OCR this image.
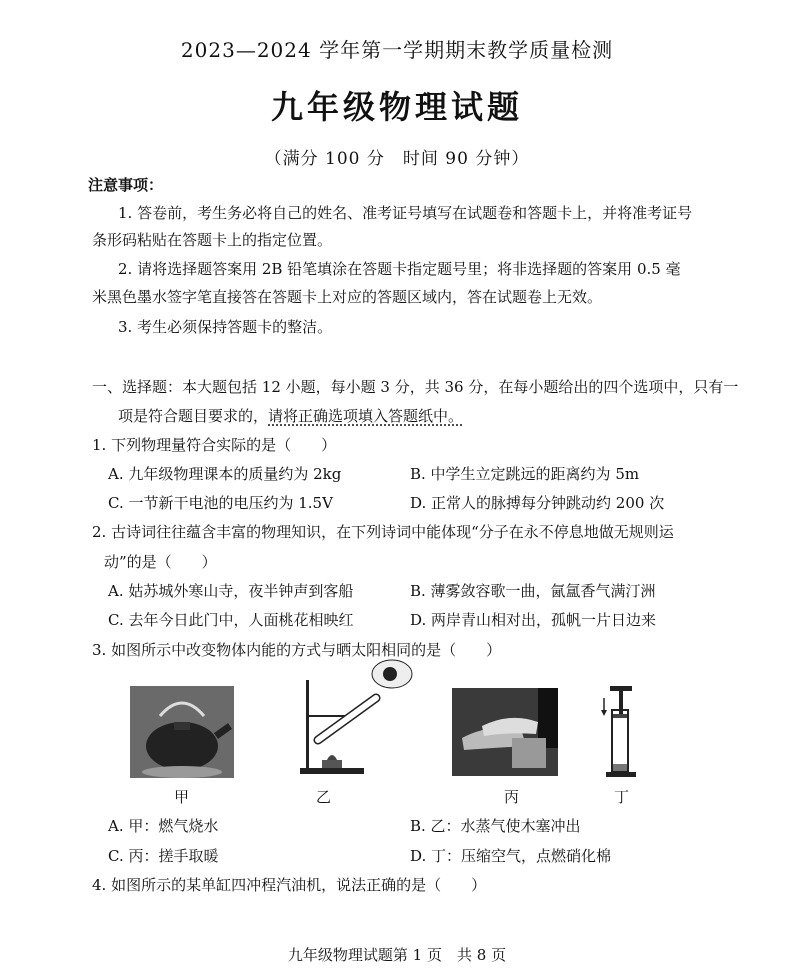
2023—2024 学年第一学期期末教学质量检测
九年级物理试题
（满分 100 分　时间 90 分钟）
注意事项：
1. 答卷前，考生务必将自己的姓名、准考证号填写在试题卷和答题卡上，并将准考证号
条形码粘贴在答题卡上的指定位置。
2. 请将选择题答案用 2B 铅笔填涂在答题卡指定题号里；将非选择题的答案用 0.5 毫
米黑色墨水签字笔直接答在答题卡上对应的答题区域内，答在试题卷上无效。
3. 考生必须保持答题卡的整洁。
一、选择题：本大题包括 12 小题，每小题 3 分，共 36 分，在每小题给出的四个选项中，只有一
项是符合题目要求的，请将正确选项填入答题纸中。
1. 下列物理量符合实际的是（　　）
A. 九年级物理课本的质量约为 2kg	B. 中学生立定跳远的距离约为 5m
C. 一节新干电池的电压约为 1.5V	D. 正常人的脉搏每分钟跳动约 200 次
2. 古诗词往往蕴含丰富的物理知识，在下列诗词中能体现“分子在永不停息地做无规则运
动”的是（　　）
A. 姑苏城外寒山寺，夜半钟声到客船	B. 薄雾敛容歌一曲，氤氲香气满汀洲
C. 去年今日此门中，人面桃花相映红	D. 两岸青山相对出，孤帆一片日边来
3. 如图所示中改变物体内能的方式与晒太阳相同的是（　　）
甲	乙	丙	丁
A. 甲：燃气烧水	B. 乙：水蒸气使木塞冲出
C. 丙：搓手取暖	D. 丁：压缩空气，点燃硝化棉
4. 如图所示的某单缸四冲程汽油机，说法正确的是（　　）
九年级物理试题第 1 页　共 8 页
